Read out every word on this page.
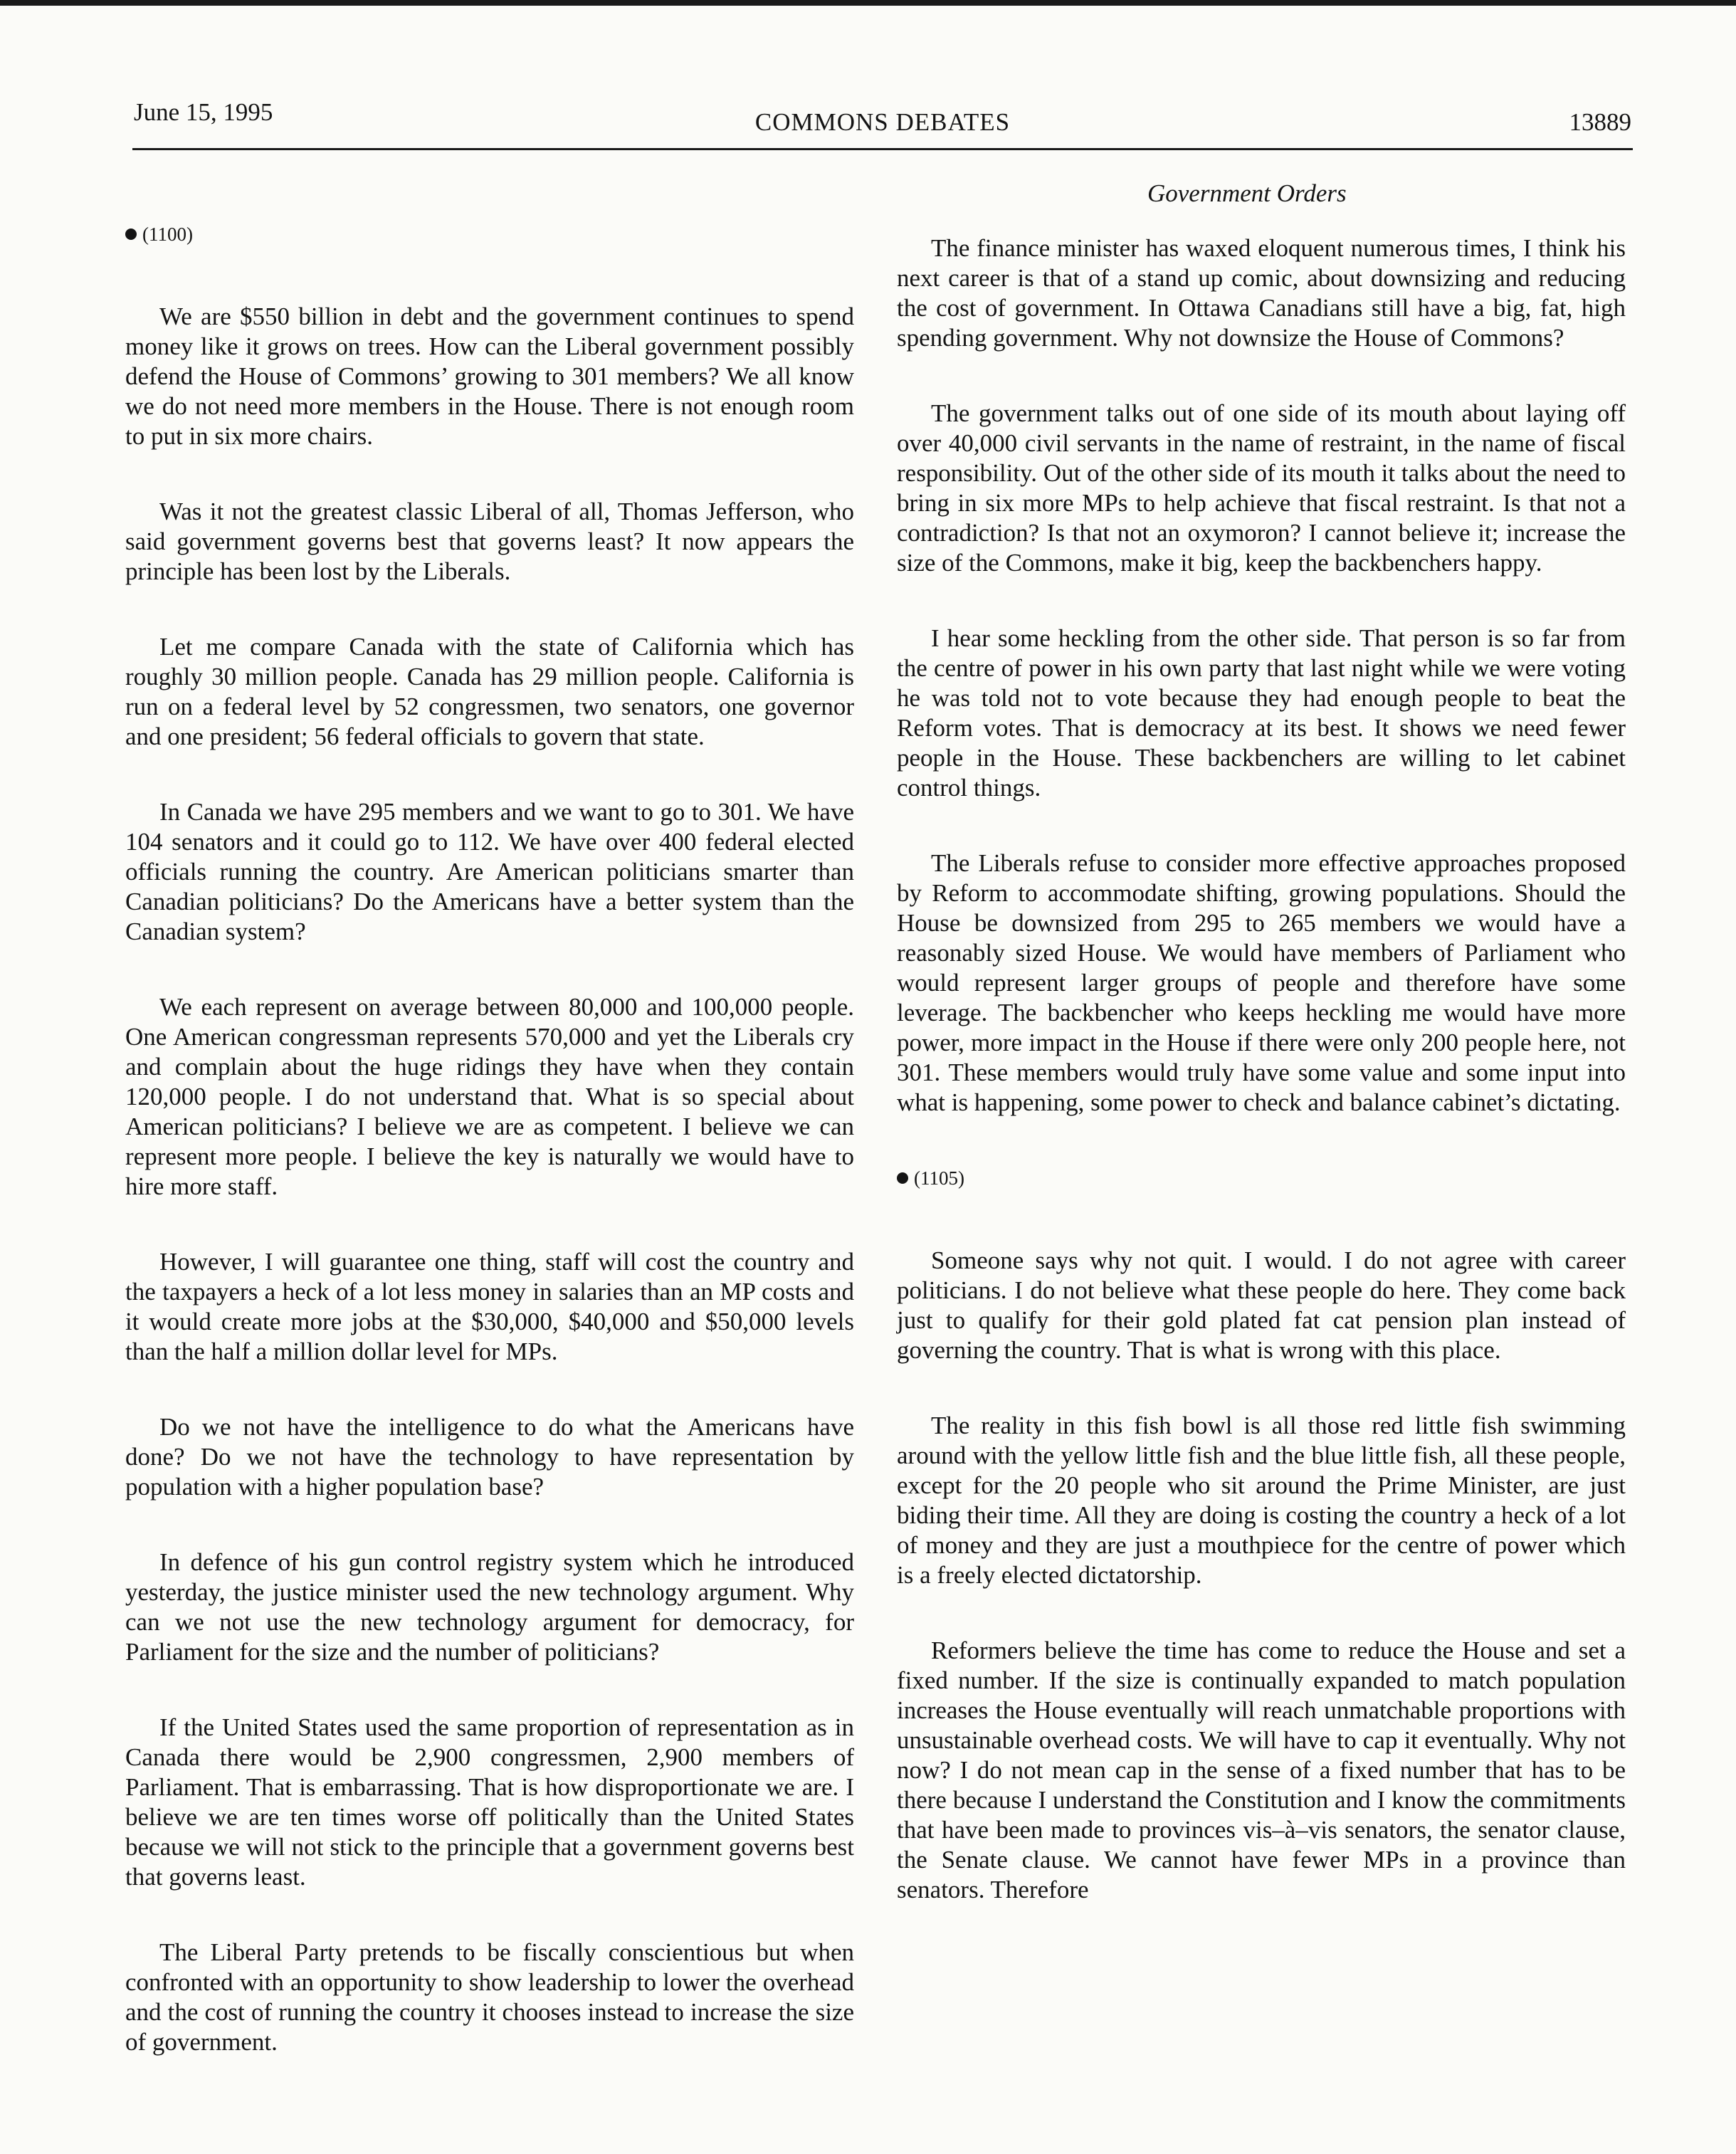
June 15, 1995	COMMONS DEBATES	13889
Government Orders
(1100)

We are $550 billion in debt and the government continues to spend money like it grows on trees. How can the Liberal government possibly defend the House of Commons’ growing to 301 members? We all know we do not need more members in the House. There is not enough room to put in six more chairs.

Was it not the greatest classic Liberal of all, Thomas Jefferson, who said government governs best that governs least? It now appears the principle has been lost by the Liberals.

Let me compare Canada with the state of California which has roughly 30 million people. Canada has 29 million people. California is run on a federal level by 52 congressmen, two senators, one governor and one president; 56 federal officials to govern that state.

In Canada we have 295 members and we want to go to 301. We have 104 senators and it could go to 112. We have over 400 federal elected officials running the country. Are American politicians smarter than Canadian politicians? Do the Americans have a better system than the Canadian system?

We each represent on average between 80,000 and 100,000 people. One American congressman represents 570,000 and yet the Liberals cry and complain about the huge ridings they have when they contain 120,000 people. I do not understand that. What is so special about American politicians? I believe we are as competent. I believe we can represent more people. I believe the key is naturally we would have to hire more staff.

However, I will guarantee one thing, staff will cost the country and the taxpayers a heck of a lot less money in salaries than an MP costs and it would create more jobs at the $30,000, $40,000 and $50,000 levels than the half a million dollar level for MPs.

Do we not have the intelligence to do what the Americans have done? Do we not have the technology to have representation by population with a higher population base?

In defence of his gun control registry system which he introduced yesterday, the justice minister used the new technology argument. Why can we not use the new technology argument for democracy, for Parliament for the size and the number of politicians?

If the United States used the same proportion of representation as in Canada there would be 2,900 congressmen, 2,900 members of Parliament. That is embarrassing. That is how disproportionate we are. I believe we are ten times worse off politically than the United States because we will not stick to the principle that a government governs best that governs least.

The Liberal Party pretends to be fiscally conscientious but when confronted with an opportunity to show leadership to lower the overhead and the cost of running the country it chooses instead to increase the size of government.

The finance minister has waxed eloquent numerous times, I think his next career is that of a stand up comic, about downsizing and reducing the cost of government. In Ottawa Canadians still have a big, fat, high spending government. Why not downsize the House of Commons?

The government talks out of one side of its mouth about laying off over 40,000 civil servants in the name of restraint, in the name of fiscal responsibility. Out of the other side of its mouth it talks about the need to bring in six more MPs to help achieve that fiscal restraint. Is that not a contradiction? Is that not an oxymoron? I cannot believe it; increase the size of the Commons, make it big, keep the backbenchers happy.

I hear some heckling from the other side. That person is so far from the centre of power in his own party that last night while we were voting he was told not to vote because they had enough people to beat the Reform votes. That is democracy at its best. It shows we need fewer people in the House. These backbenchers are willing to let cabinet control things.

The Liberals refuse to consider more effective approaches proposed by Reform to accommodate shifting, growing populations. Should the House be downsized from 295 to 265 members we would have a reasonably sized House. We would have members of Parliament who would represent larger groups of people and therefore have some leverage. The backbencher who keeps heckling me would have more power, more impact in the House if there were only 200 people here, not 301. These members would truly have some value and some input into what is happening, some power to check and balance cabinet’s dictating.

(1105)

Someone says why not quit. I would. I do not agree with career politicians. I do not believe what these people do here. They come back just to qualify for their gold plated fat cat pension plan instead of governing the country. That is what is wrong with this place.

The reality in this fish bowl is all those red little fish swimming around with the yellow little fish and the blue little fish, all these people, except for the 20 people who sit around the Prime Minister, are just biding their time. All they are doing is costing the country a heck of a lot of money and they are just a mouthpiece for the centre of power which is a freely elected dictatorship.

Reformers believe the time has come to reduce the House and set a fixed number. If the size is continually expanded to match population increases the House eventually will reach unmatchable proportions with unsustainable overhead costs. We will have to cap it eventually. Why not now? I do not mean cap in the sense of a fixed number that has to be there because I understand the Constitution and I know the commitments that have been made to provinces vis–à–vis senators, the senator clause, the Senate clause. We cannot have fewer MPs in a province than senators. Therefore
